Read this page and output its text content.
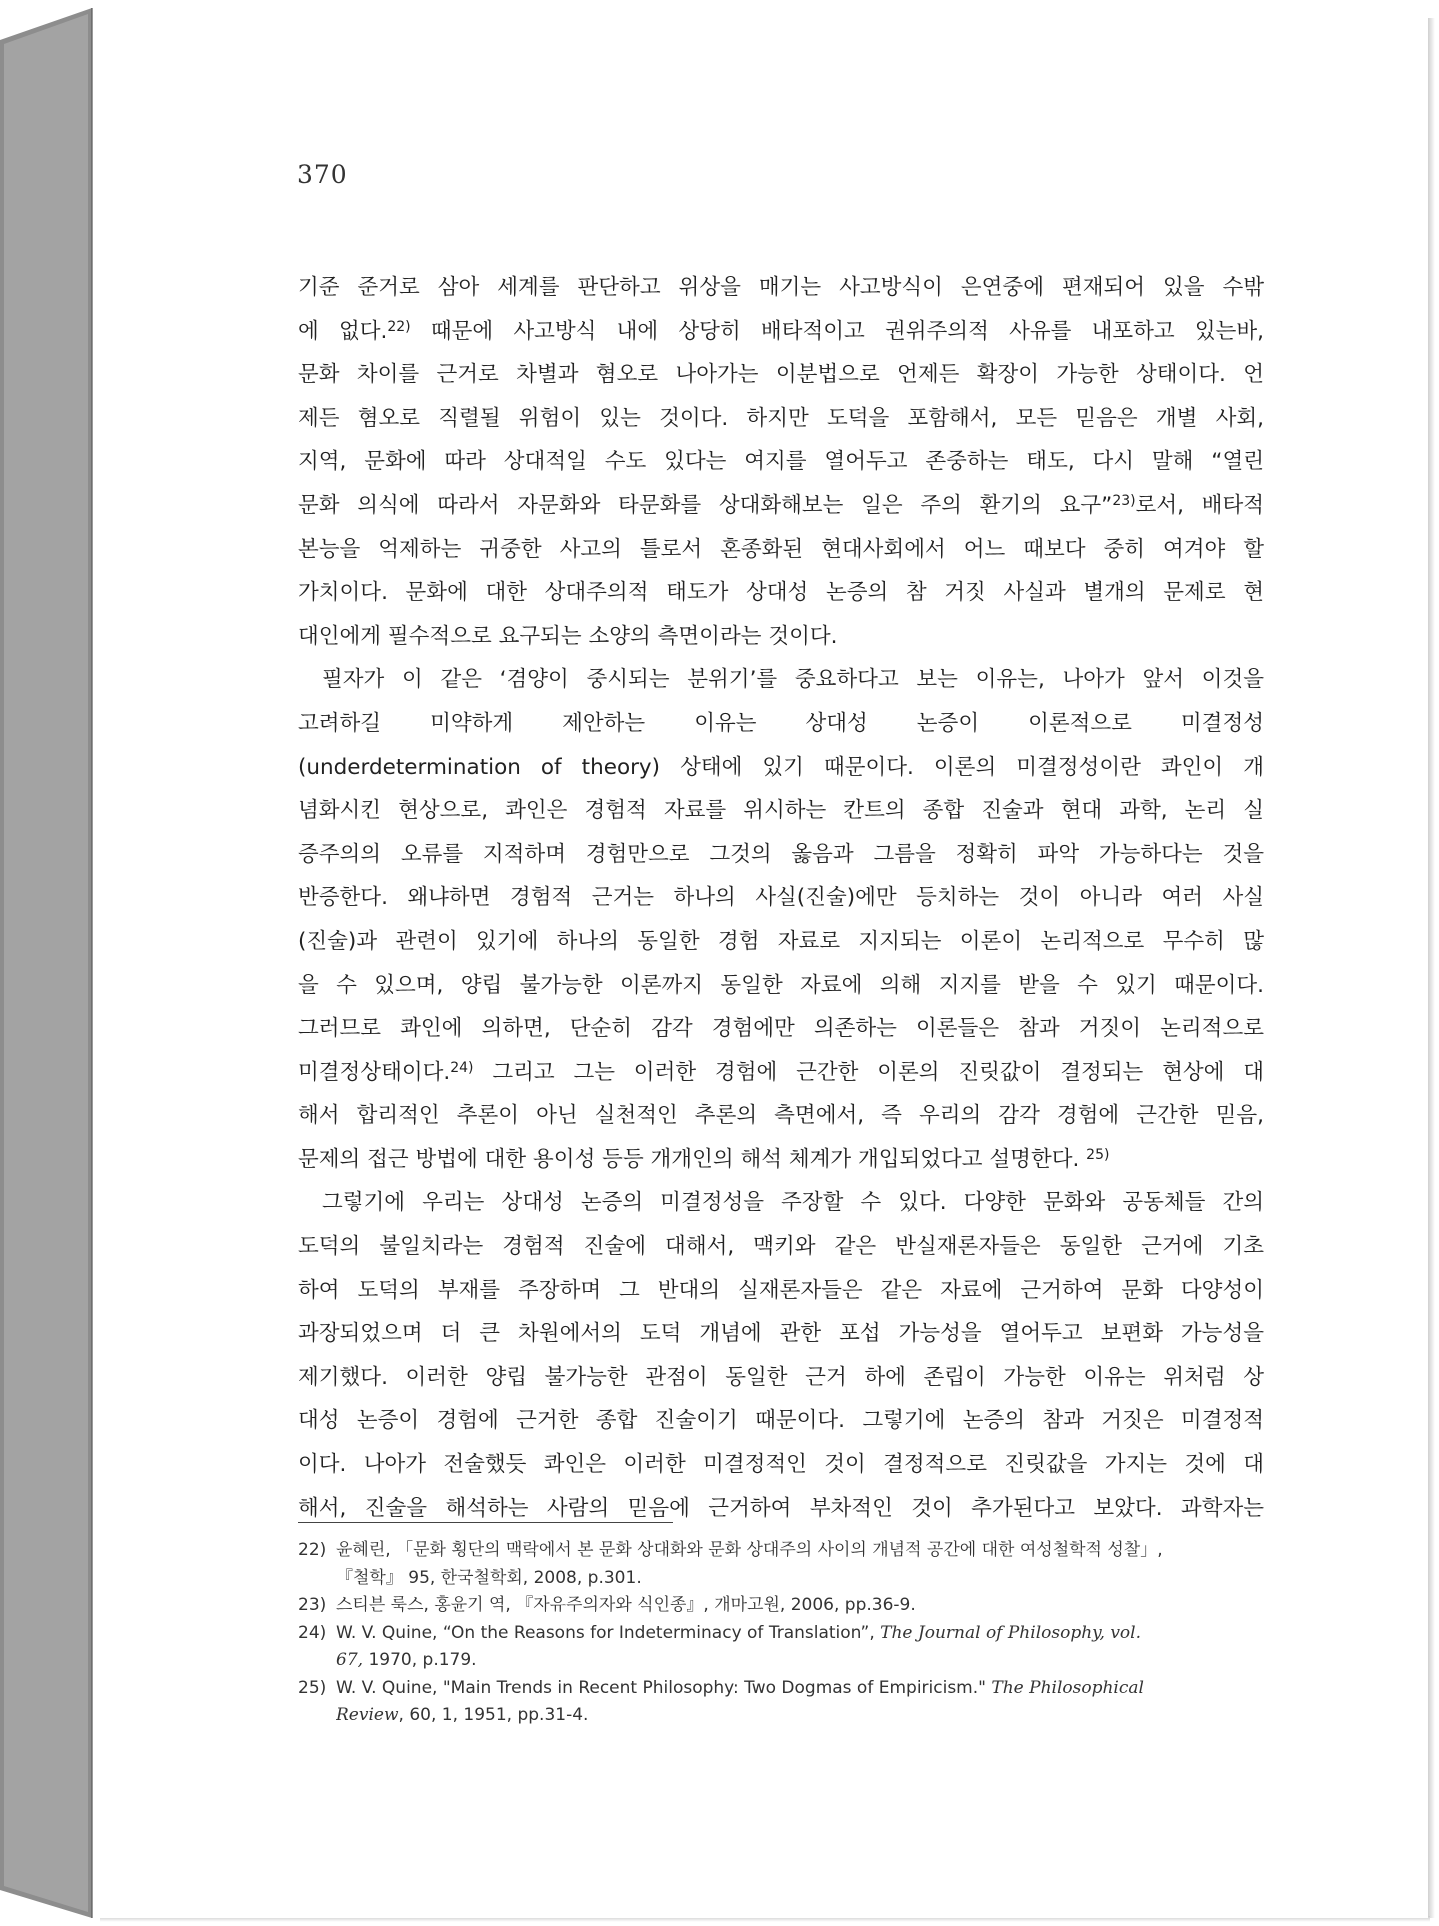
370
기준 준거로 삼아 세계를 판단하고 위상을 매기는 사고방식이 은연중에 편재되어 있을 수밖
에 없다.$^{22)}$ 때문에 사고방식 내에 상당히 배타적이고 권위주의적 사유를 내포하고 있는바,
문화 차이를 근거로 차별과 혐오로 나아가는 이분법으로 언제든 확장이 가능한 상태이다. 언
제든 혐오로 직렬될 위험이 있는 것이다. 하지만 도덕을 포함해서, 모든 믿음은 개별 사회,
지역, 문화에 따라 상대적일 수도 있다는 여지를 열어두고 존중하는 태도, 다시 말해 “열린
문화 의식에 따라서 자문화와 타문화를 상대화해보는 일은 주의 환기의 요구”$^{23)}$로서, 배타적
본능을 억제하는 귀중한 사고의 틀로서 혼종화된 현대사회에서 어느 때보다 중히 여겨야 할
가치이다. 문화에 대한 상대주의적 태도가 상대성 논증의 참 거짓 사실과 별개의 문제로 현
대인에게 필수적으로 요구되는 소양의 측면이라는 것이다.
필자가 이 같은 ‘겸양이 중시되는 분위기’를 중요하다고 보는 이유는, 나아가 앞서 이것을
고려하길 미약하게 제안하는 이유는 상대성 논증이 이론적으로 미결정성
(underdetermination of theory) 상태에 있기 때문이다. 이론의 미결정성이란 콰인이 개
념화시킨 현상으로, 콰인은 경험적 자료를 위시하는 칸트의 종합 진술과 현대 과학, 논리 실
증주의의 오류를 지적하며 경험만으로 그것의 옳음과 그름을 정확히 파악 가능하다는 것을
반증한다. 왜냐하면 경험적 근거는 하나의 사실(진술)에만 등치하는 것이 아니라 여러 사실
(진술)과 관련이 있기에 하나의 동일한 경험 자료로 지지되는 이론이 논리적으로 무수히 많
을 수 있으며, 양립 불가능한 이론까지 동일한 자료에 의해 지지를 받을 수 있기 때문이다.
그러므로 콰인에 의하면, 단순히 감각 경험에만 의존하는 이론들은 참과 거짓이 논리적으로
미결정상태이다.$^{24)}$ 그리고 그는 이러한 경험에 근간한 이론의 진릿값이 결정되는 현상에 대
해서 합리적인 추론이 아닌 실천적인 추론의 측면에서, 즉 우리의 감각 경험에 근간한 믿음,
문제의 접근 방법에 대한 용이성 등등 개개인의 해석 체계가 개입되었다고 설명한다. $^{25)}$
그렇기에 우리는 상대성 논증의 미결정성을 주장할 수 있다. 다양한 문화와 공동체들 간의
도덕의 불일치라는 경험적 진술에 대해서, 맥키와 같은 반실재론자들은 동일한 근거에 기초
하여 도덕의 부재를 주장하며 그 반대의 실재론자들은 같은 자료에 근거하여 문화 다양성이
과장되었으며 더 큰 차원에서의 도덕 개념에 관한 포섭 가능성을 열어두고 보편화 가능성을
제기했다. 이러한 양립 불가능한 관점이 동일한 근거 하에 존립이 가능한 이유는 위처럼 상
대성 논증이 경험에 근거한 종합 진술이기 때문이다. 그렇기에 논증의 참과 거짓은 미결정적
이다. 나아가 전술했듯 콰인은 이러한 미결정적인 것이 결정적으로 진릿값을 가지는 것에 대
해서, 진술을 해석하는 사람의 믿음에 근거하여 부차적인 것이 추가된다고 보았다. 과학자는
22) 윤혜린, 「문화 횡단의 맥락에서 본 문화 상대화와 문화 상대주의 사이의 개념적 공간에 대한 여성철학적 성찰」,
『철학』 95, 한국철학회, 2008, p.301.
23) 스티븐 룩스, 홍윤기 역, 『자유주의자와 식인종』, 개마고원, 2006, pp.36-9.
24) W. V. Quine, “On the Reasons for Indeterminacy of Translation”, The Journal of Philosophy, vol.
67, 1970, p.179.
25) W. V. Quine, "Main Trends in Recent Philosophy: Two Dogmas of Empiricism." The Philosophical
Review, 60, 1, 1951, pp.31-4.
